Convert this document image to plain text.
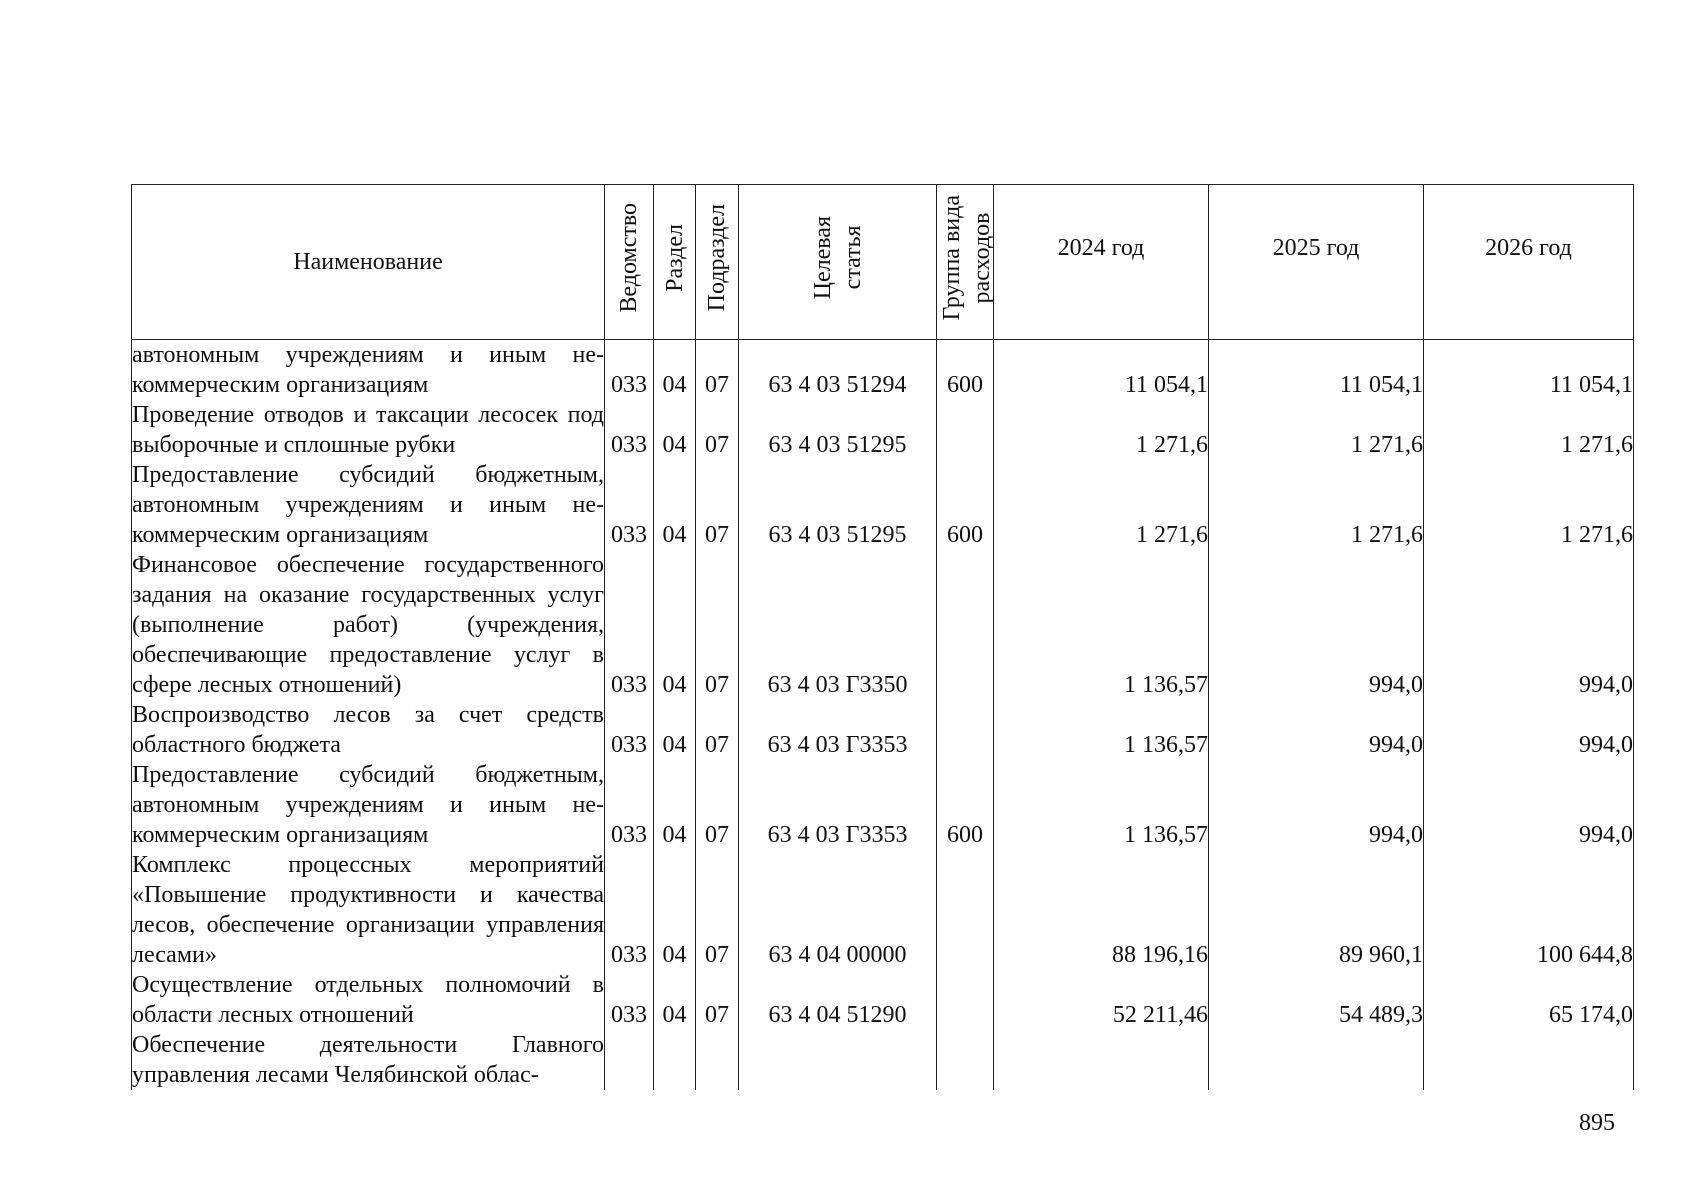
Наименование	Ведомство	Раздел	Подраздел	Целевая статья	Группа вида расходов	2024 год	2025 год	2026 год
автономным учреждениям и иным некоммерческим организациям	033	04	07	63 4 03 51294	600	11 054,1	11 054,1	11 054,1
Проведение отводов и таксации лесосек под выборочные и сплошные рубки	033	04	07	63 4 03 51295		1 271,6	1 271,6	1 271,6
Предоставление субсидий бюджетным, автономным учреждениям и иным некоммерческим организациям	033	04	07	63 4 03 51295	600	1 271,6	1 271,6	1 271,6
Финансовое обеспечение государственного задания на оказание государственных услуг (выполнение работ) (учреждения, обеспечивающие предоставление услуг в сфере лесных отношений)	033	04	07	63 4 03 Г3350		1 136,57	994,0	994,0
Воспроизводство лесов за счет средств областного бюджета	033	04	07	63 4 03 Г3353		1 136,57	994,0	994,0
Предоставление субсидий бюджетным, автономным учреждениям и иным некоммерческим организациям	033	04	07	63 4 03 Г3353	600	1 136,57	994,0	994,0
Комплекс процессных мероприятий «Повышение продуктивности и качества лесов, обеспечение организации управления лесами»	033	04	07	63 4 04 00000		88 196,16	89 960,1	100 644,8
Осуществление отдельных полномочий в области лесных отношений	033	04	07	63 4 04 51290		52 211,46	54 489,3	65 174,0
Обеспечение деятельности Главного управления лесами Челябинской облас-								
895
